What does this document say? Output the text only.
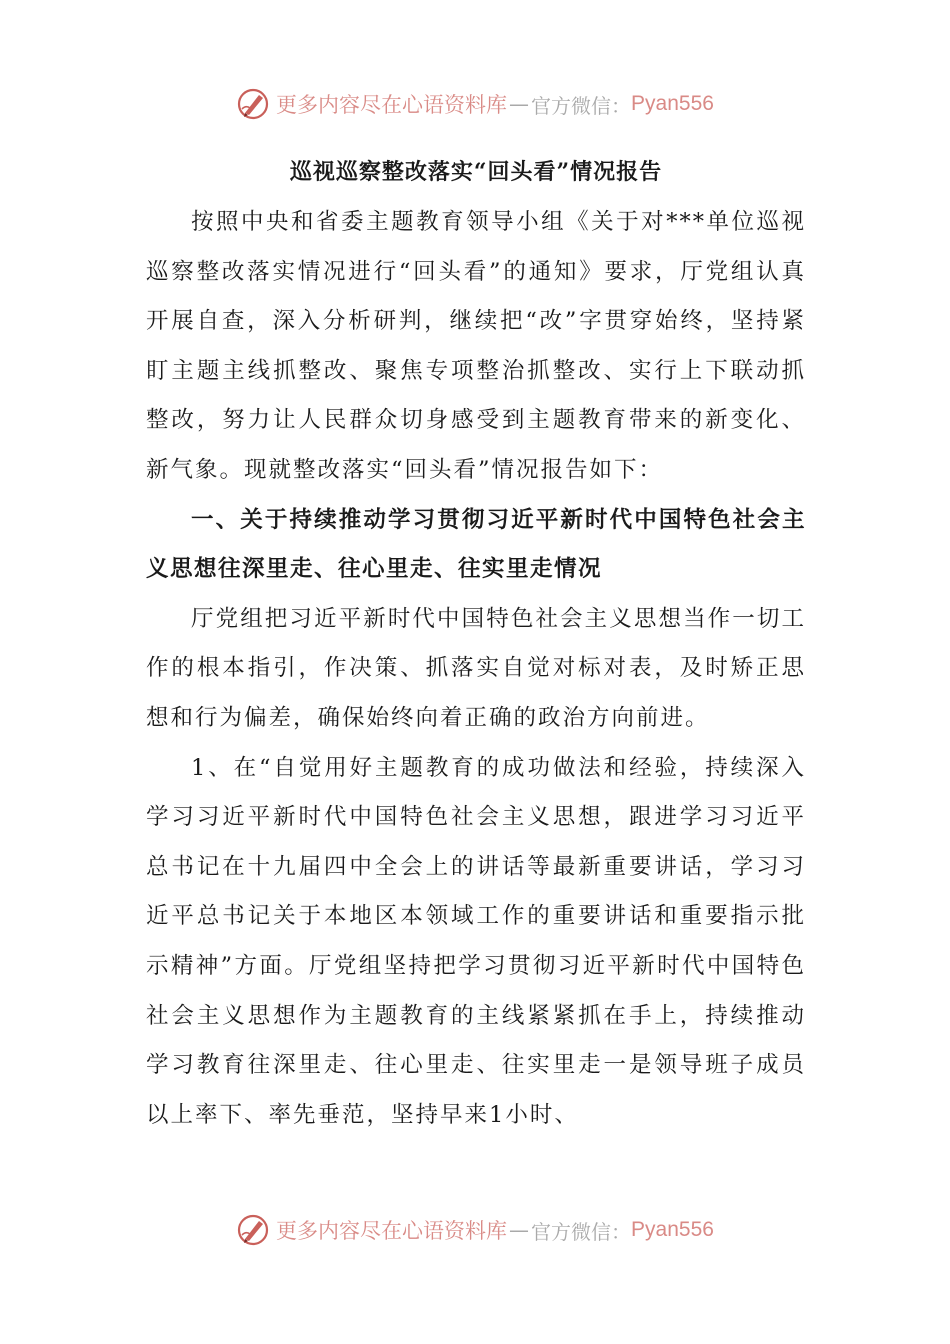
更多内容尽在心语资料库 — 官方微信： Pyan556
巡视巡察整改落实“回头看”情况报告

按照中央和省委主题教育领导小组《关于对***单位巡视巡察整改落实情况进行“回头看”的通知》要求，厅党组认真开展自查，深入分析研判，继续把“改”字贯穿始终，坚持紧盯主题主线抓整改、聚焦专项整治抓整改、实行上下联动抓整改，努力让人民群众切身感受到主题教育带来的新变化、新气象。现就整改落实“回头看”情况报告如下：

一、关于持续推动学习贯彻习近平新时代中国特色社会主义思想往深里走、往心里走、往实里走情况

厅党组把习近平新时代中国特色社会主义思想当作一切工作的根本指引，作决策、抓落实自觉对标对表，及时矫正思想和行为偏差，确保始终向着正确的政治方向前进。

1、在“自觉用好主题教育的成功做法和经验，持续深入学习习近平新时代中国特色社会主义思想，跟进学习习近平总书记在十九届四中全会上的讲话等最新重要讲话，学习习近平总书记关于本地区本领域工作的重要讲话和重要指示批示精神”方面。厅党组坚持把学习贯彻习近平新时代中国特色社会主义思想作为主题教育的主线紧紧抓在手上，持续推动学习教育往深里走、往心里走、往实里走一是领导班子成员以上率下、率先垂范，坚持早来1小时、

更多内容尽在心语资料库 — 官方微信： Pyan556
